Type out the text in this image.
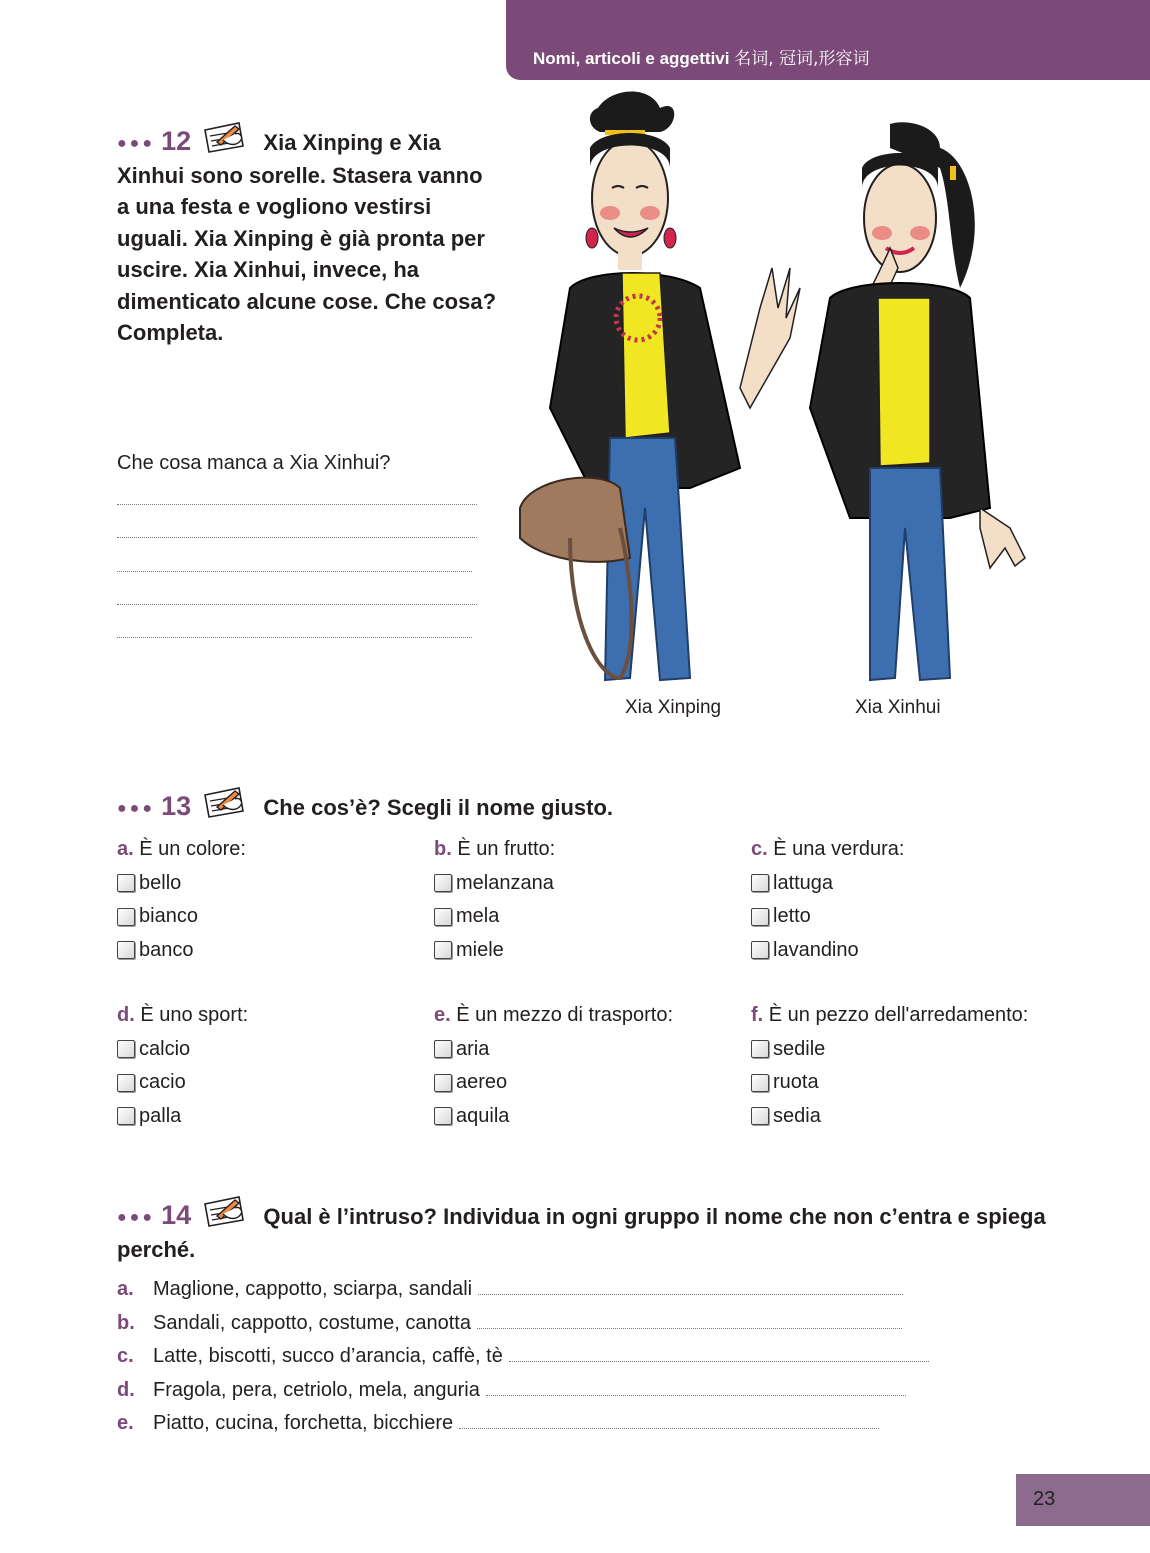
Nomi, articoli e aggettivi 名词, 冠词,形容词
●●● 12	Xia Xinping e Xia Xinhui sono sorelle. Stasera vanno a una festa e vogliono vestirsi uguali. Xia Xinping è già pronta per uscire. Xia Xinhui, invece, ha dimenticato alcune cose. Che cosa? Completa.
Che cosa manca a Xia Xinhui?
Xia Xinping	Xia Xinhui
●●● 13	Che cos’è? Scegli il nome giusto.
a. È un colore:
bello
bianco
banco
b. È un frutto:
melanzana
mela
miele
c. È una verdura:
lattuga
letto
lavandino
d. È uno sport:
calcio
cacio
palla
e. È un mezzo di trasporto:
aria
aereo
aquila
f. È un pezzo dell'arredamento:
sedile
ruota
sedia
●●● 14	Qual è l’intruso? Individua in ogni gruppo il nome che non c’entra e spiega perché.
a. Maglione, cappotto, sciarpa, sandali
b. Sandali, cappotto, costume, canotta
c. Latte, biscotti, succo d’arancia, caffè, tè
d. Fragola, pera, cetriolo, mela, anguria
e. Piatto, cucina, forchetta, bicchiere
23
